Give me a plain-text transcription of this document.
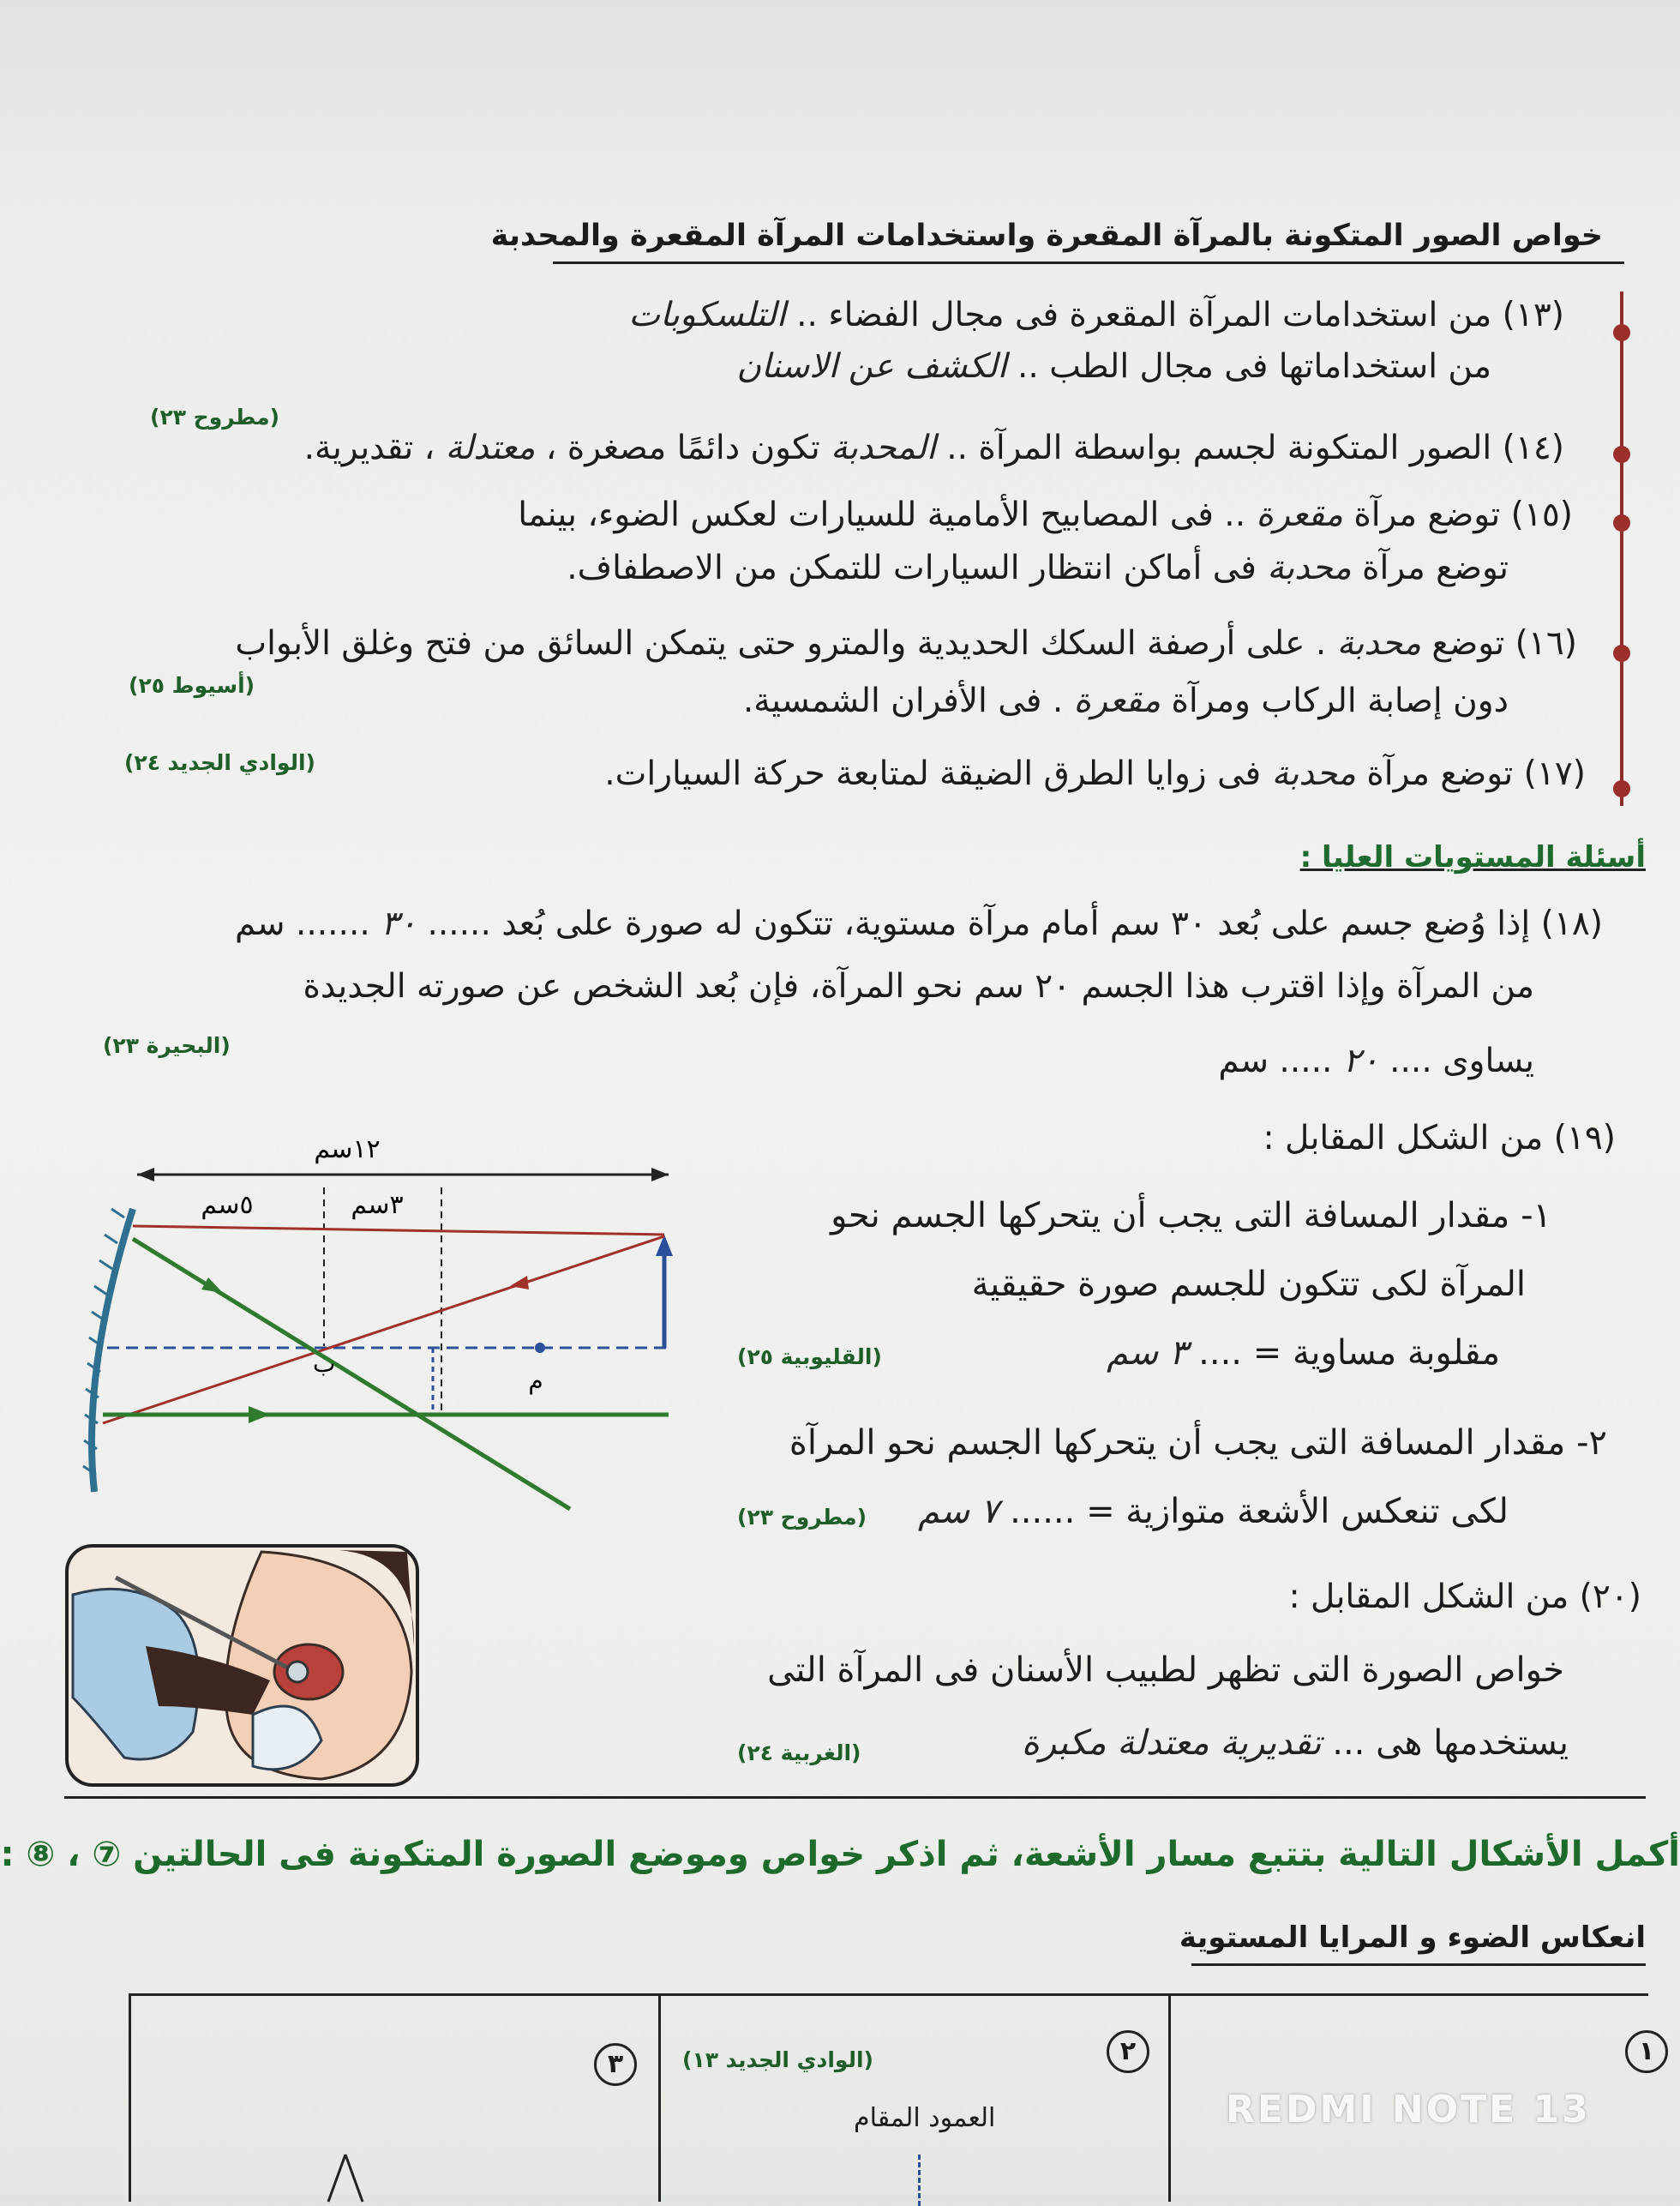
خواص الصور المتكونة بالمرآة المقعرة واستخدامات المرآة المقعرة والمحدبة
(١٣) من استخدامات المرآة المقعرة فى مجال الفضاء .. التلسكوبات
من استخداماتها فى مجال الطب .. الكشف عن الاسنان
(١٤) الصور المتكونة لجسم بواسطة المرآة .. المحدبة تكون دائمًا مصغرة ، معتدلة ، تقديرية.
(مطروح ٢٣)
(١٥) توضع مرآة مقعرة .. فى المصابيح الأمامية للسيارات لعكس الضوء، بينما
توضع مرآة محدبة فى أماكن انتظار السيارات للتمكن من الاصطفاف.
(١٦) توضع محدبة . على أرصفة السكك الحديدية والمترو حتى يتمكن السائق من فتح وغلق الأبواب
(أسيوط ٢٥)	دون إصابة الركاب ومرآة مقعرة . فى الأفران الشمسية.
(١٧) توضع مرآة محدبة فى زوايا الطرق الضيقة لمتابعة حركة السيارات.
(الوادي الجديد ٢٤)
أسئلة المستويات العليا :
(١٨) إذا وُضع جسم على بُعد ٣٠ سم أمام مرآة مستوية، تتكون له صورة على بُعد ...... ٣٠ ....... سم
من المرآة وإذا اقترب هذا الجسم ٢٠ سم نحو المرآة، فإن بُعد الشخص عن صورته الجديدة
(البحيرة ٢٣)	يساوى .... ٢٠ ..... سم
(١٩) من الشكل المقابل :
١- مقدار المسافة التى يجب أن يتحركها الجسم نحو
المرآة لكى تتكون للجسم صورة حقيقية
مقلوبة مساوية = .... ٣ سم
(القليوبية ٢٥)
٢- مقدار المسافة التى يجب أن يتحركها الجسم نحو المرآة
لكى تنعكس الأشعة متوازية = ...... ٧ سم
(مطروح ٢٣)
١٢سم
٥سم	٣سم
ب
م
(٢٠) من الشكل المقابل :
خواص الصورة التى تظهر لطبيب الأسنان فى المرآة التى
يستخدمها هى ... تقديرية معتدلة مكبرة
(الغربية ٢٤)
أكمل الأشكال التالية بتتبع مسار الأشعة، ثم اذكر خواص وموضع الصورة المتكونة فى الحالتين ⑦ ، ⑧ :
انعكاس الضوء و المرايا المستوية
٣	(الوادي الجديد ١٣)	٢
العمود المقام
١
REDMI NOTE 13
